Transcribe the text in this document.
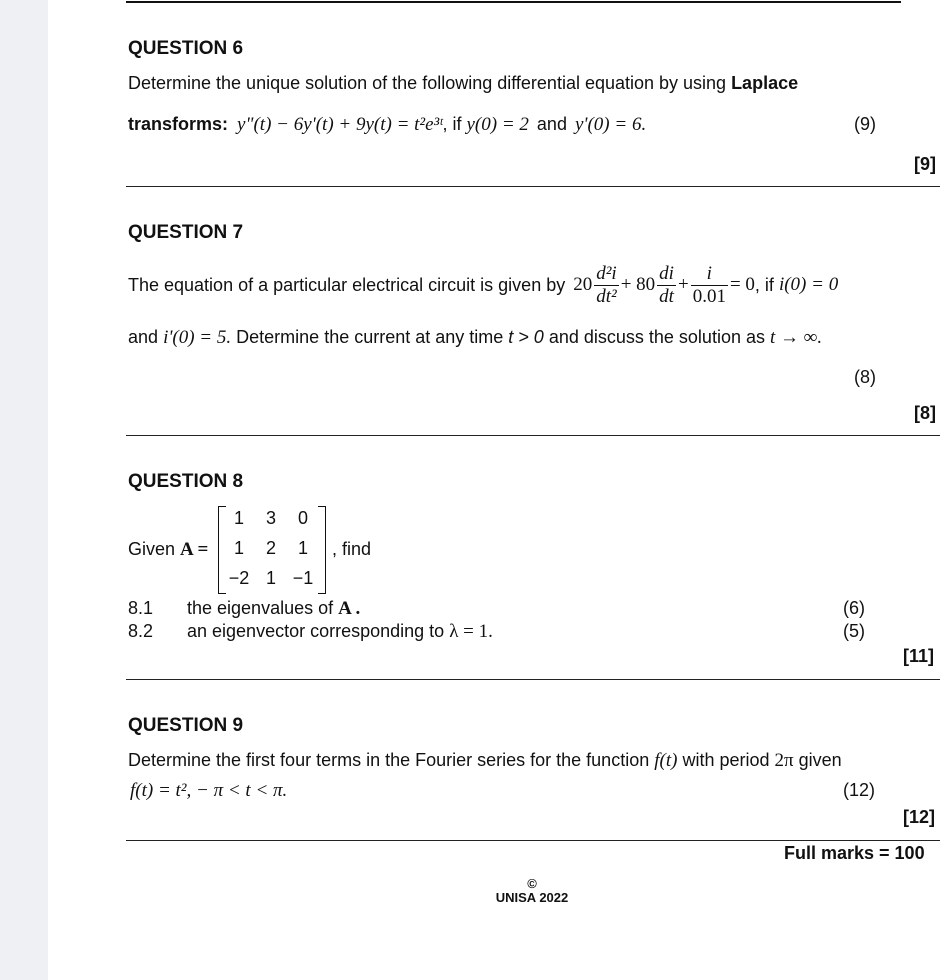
QUESTION 6
Determine the unique solution of the following differential equation by using Laplace
transforms: y"(t) − 6y'(t) + 9y(t) = t²e³ᵗ, if y(0) = 2 and y'(0) = 6.	(9)
[9]
QUESTION 7
The equation of a particular electrical circuit is given by $20 \frac{\text{d²i}}{\text{dt²}} + 80 \frac{di}{dt} + \frac{i}{0.01} = 0$ , if i(0) = 0
and i'(0) = 5. Determine the current at any time t > 0 and discuss the solution as t → ∞.
(8)
[8]
QUESTION 8
Given A =
1	3	0
1	2	1
−2 1 −1
, find
8.1 the eigenvalues of A .	(6)
8.2 an eigenvector corresponding to λ = 1.	(5)
[11]
QUESTION 9
Determine the first four terms in the Fourier series for the function f(t) with period 2π given
f(t) = t², − π < t < π.	(12)
[12]
Full marks = 100
©
UNISA 2022
